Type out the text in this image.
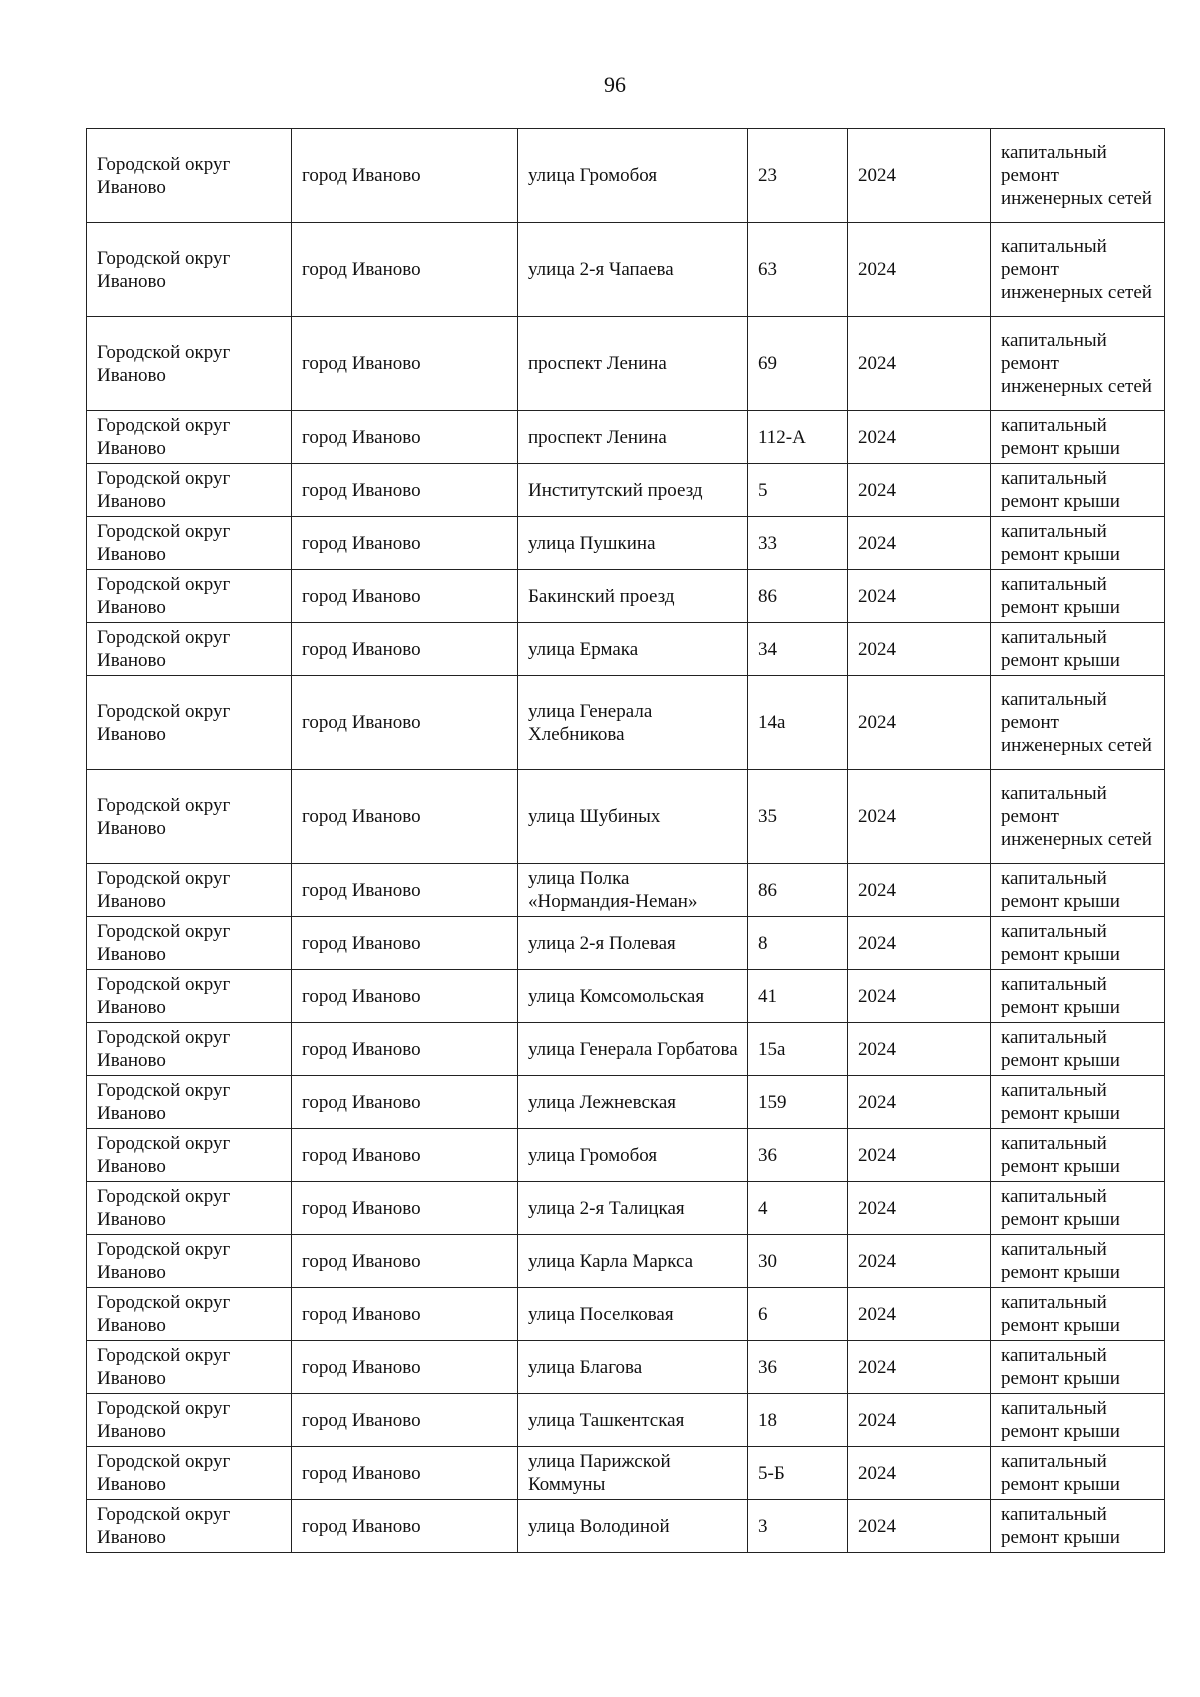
96
Городской округ Иваново	город Иваново	улица Громобоя	23	2024	капитальный ремонт инженерных сетей
Городской округ Иваново	город Иваново	улица 2-я Чапаева	63	2024	капитальный ремонт инженерных сетей
Городской округ Иваново	город Иваново	проспект Ленина	69	2024	капитальный ремонт инженерных сетей
Городской округ Иваново	город Иваново	проспект Ленина	112-А	2024	капитальный ремонт крыши
Городской округ Иваново	город Иваново	Институтский проезд	5	2024	капитальный ремонт крыши
Городской округ Иваново	город Иваново	улица Пушкина	33	2024	капитальный ремонт крыши
Городской округ Иваново	город Иваново	Бакинский проезд	86	2024	капитальный ремонт крыши
Городской округ Иваново	город Иваново	улица Ермака	34	2024	капитальный ремонт крыши
Городской округ Иваново	город Иваново	улица Генерала Хлебникова	14а	2024	капитальный ремонт инженерных сетей
Городской округ Иваново	город Иваново	улица Шубиных	35	2024	капитальный ремонт инженерных сетей
Городской округ Иваново	город Иваново	улица Полка «Нормандия-Неман»	86	2024	капитальный ремонт крыши
Городской округ Иваново	город Иваново	улица 2-я Полевая	8	2024	капитальный ремонт крыши
Городской округ Иваново	город Иваново	улица Комсомольская	41	2024	капитальный ремонт крыши
Городской округ Иваново	город Иваново	улица Генерала Горбатова	15а	2024	капитальный ремонт крыши
Городской округ Иваново	город Иваново	улица Лежневская	159	2024	капитальный ремонт крыши
Городской округ Иваново	город Иваново	улица Громобоя	36	2024	капитальный ремонт крыши
Городской округ Иваново	город Иваново	улица 2-я Талицкая	4	2024	капитальный ремонт крыши
Городской округ Иваново	город Иваново	улица Карла Маркса	30	2024	капитальный ремонт крыши
Городской округ Иваново	город Иваново	улица Поселковая	6	2024	капитальный ремонт крыши
Городской округ Иваново	город Иваново	улица Благова	36	2024	капитальный ремонт крыши
Городской округ Иваново	город Иваново	улица Ташкентская	18	2024	капитальный ремонт крыши
Городской округ Иваново	город Иваново	улица Парижской Коммуны	5-Б	2024	капитальный ремонт крыши
Городской округ Иваново	город Иваново	улица Володиной	3	2024	капитальный ремонт крыши
